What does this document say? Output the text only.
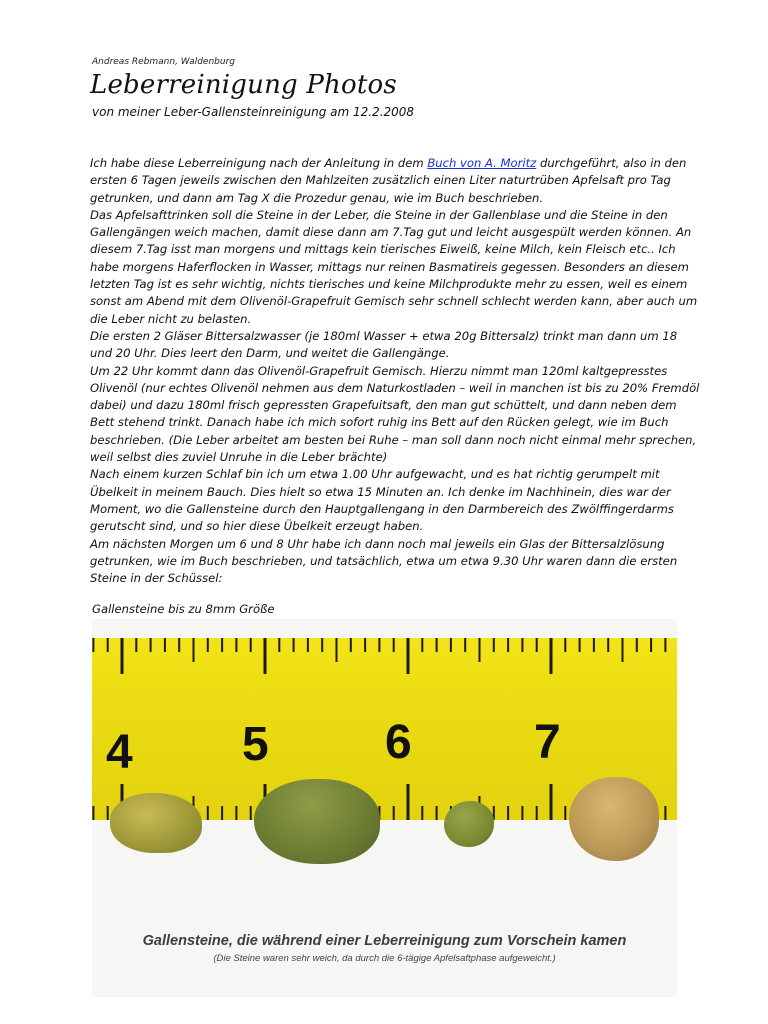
Andreas Rebmann, Waldenburg
Leberreinigung Photos
von meiner Leber-Gallensteinreinigung am 12.2.2008

Ich habe diese Leberreinigung nach der Anleitung in dem Buch von A. Moritz durchgeführt, also in den ersten 6 Tagen jeweils zwischen den Mahlzeiten zusätzlich einen Liter naturtrüben Apfelsaft pro Tag getrunken, und dann am Tag X die Prozedur genau, wie im Buch beschrieben.

Das Apfelsafttrinken soll die Steine in der Leber, die Steine in der Gallenblase und die Steine in den Gallengängen weich machen, damit diese dann am 7.Tag gut und leicht ausgespült werden können. An diesem 7.Tag isst man morgens und mittags kein tierisches Eiweiß, keine Milch, kein Fleisch etc.. Ich habe morgens Haferflocken in Wasser, mittags nur reinen Basmatireis gegessen. Besonders an diesem letzten Tag ist es sehr wichtig, nichts tierisches und keine Milchprodukte mehr zu essen, weil es einem sonst am Abend mit dem Olivenöl-Grapefruit Gemisch sehr schnell schlecht werden kann, aber auch um die Leber nicht zu belasten.

Die ersten 2 Gläser Bittersalzwasser (je 180ml Wasser + etwa 20g Bittersalz) trinkt man dann um 18 und 20 Uhr. Dies leert den Darm, und weitet die Gallengänge.

Um 22 Uhr kommt dann das Olivenöl-Grapefruit Gemisch. Hierzu nimmt man 120ml kaltgepresstes Olivenöl (nur echtes Olivenöl nehmen aus dem Naturkostladen – weil in manchen ist bis zu 20% Fremdöl dabei) und dazu 180ml frisch gepressten Grapefuitsaft, den man gut schüttelt, und dann neben dem Bett stehend trinkt. Danach habe ich mich sofort ruhig ins Bett auf den Rücken gelegt, wie im Buch beschrieben. (Die Leber arbeitet am besten bei Ruhe – man soll dann noch nicht einmal mehr sprechen, weil selbst dies zuviel Unruhe in die Leber brächte)

Nach einem kurzen Schlaf bin ich um etwa 1.00 Uhr aufgewacht, und es hat richtig gerumpelt mit Übelkeit in meinem Bauch. Dies hielt so etwa 15 Minuten an. Ich denke im Nachhinein, dies war der Moment, wo die Gallensteine durch den Hauptgallengang in den Darmbereich des Zwölffingerdarms gerutscht sind, und so hier diese Übelkeit erzeugt haben.

Am nächsten Morgen um 6 und 8 Uhr habe ich dann noch mal jeweils ein Glas der Bittersalzlösung getrunken, wie im Buch beschrieben, und tatsächlich, etwa um etwa 9.30 Uhr waren dann die ersten Steine in der Schüssel:

Gallensteine bis zu 8mm Größe
4 5 6	7
Gallensteine, die während einer Leberreinigung zum Vorschein kamen
(Die Steine waren sehr weich, da durch die 6-tägige Apfelsaftphase aufgeweicht.)
